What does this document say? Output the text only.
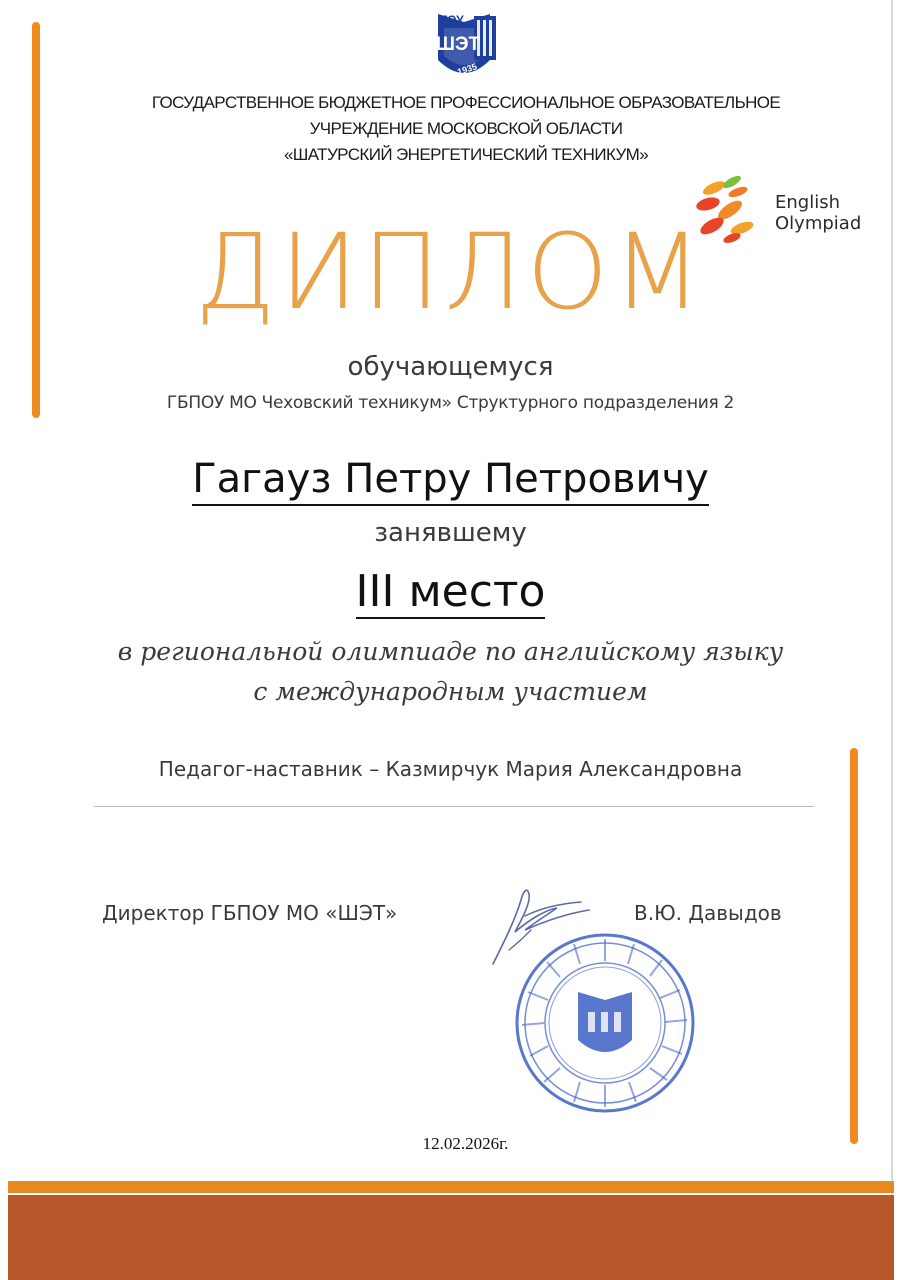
ГОУ
ШЭТ
1935
ГОСУДАРСТВЕННОЕ БЮДЖЕТНОЕ ПРОФЕССИОНАЛЬНОЕ ОБРАЗОВАТЕЛЬНОЕ
УЧРЕЖДЕНИЕ МОСКОВСКОЙ ОБЛАСТИ
«ШАТУРСКИЙ ЭНЕРГЕТИЧЕСКИЙ ТЕХНИКУМ»
English
Olympiad
ДИПЛОМ
обучающемуся
ГБПОУ МО Чеховский техникум» Структурного подразделения 2
Гагауз Петру Петровичу
занявшему
III место
в региональной олимпиаде по английскому языку
с международным участием
Педагог-наставник – Казмирчук Мария Александровна
Директор ГБПОУ МО «ШЭТ»	В.Ю. Давыдов
12.02.2026г.
